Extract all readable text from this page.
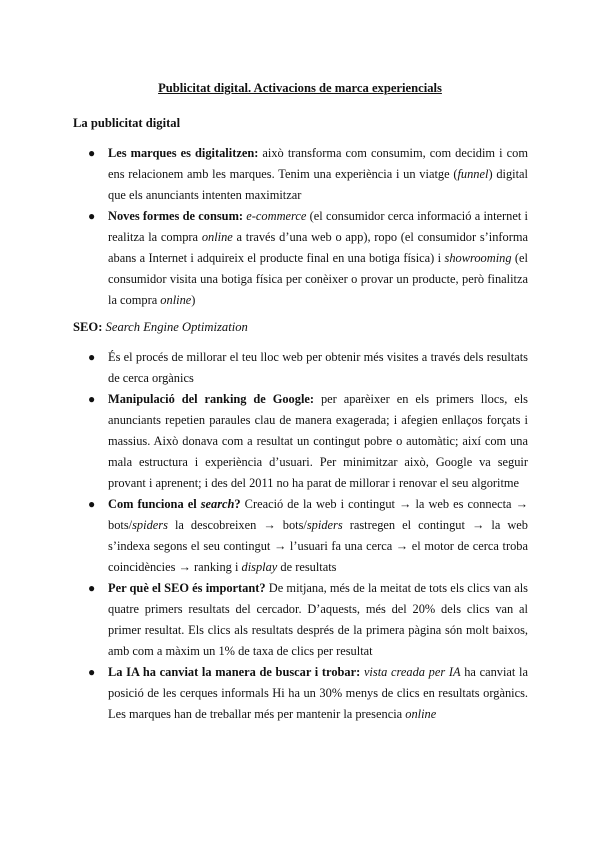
Publicitat digital. Activacions de marca experiencials
La publicitat digital
● Les marques es digitalitzen: això transforma com consumim, com decidim i com ens relacionem amb les marques. Tenim una experiència i un viatge (funnel) digital que els anunciants intenten maximitzar
● Noves formes de consum: e-commerce (el consumidor cerca informació a internet i realitza la compra online a través d’una web o app), ropo (el consumidor s’informa abans a Internet i adquireix el producte final en una botiga física) i showrooming (el consumidor visita una botiga física per conèixer o provar un producte, però finalitza la compra online)
SEO: Search Engine Optimization
● És el procés de millorar el teu lloc web per obtenir més visites a través dels resultats de cerca orgànics
● Manipulació del ranking de Google: per aparèixer en els primers llocs, els anunciants repetien paraules clau de manera exagerada; i afegien enllaços forçats i massius. Això donava com a resultat un contingut pobre o automàtic; així com una mala estructura i experiència d’usuari. Per minimitzar això, Google va seguir provant i aprenent; i des del 2011 no ha parat de millorar i renovar el seu algoritme
● Com funciona el search? Creació de la web i contingut → la web es connecta → bots/spiders la descobreixen → bots/spiders rastregen el contingut → la web s’indexa segons el seu contingut → l’usuari fa una cerca → el motor de cerca troba coincidències → ranking i display de resultats
● Per què el SEO és important? De mitjana, més de la meitat de tots els clics van als quatre primers resultats del cercador. D’aquests, més del 20% dels clics van al primer resultat. Els clics als resultats després de la primera pàgina són molt baixos, amb com a màxim un 1% de taxa de clics per resultat
● La IA ha canviat la manera de buscar i trobar: vista creada per IA ha canviat la posició de les cerques informals Hi ha un 30% menys de clics en resultats orgànics. Les marques han de treballar més per mantenir la presencia online
